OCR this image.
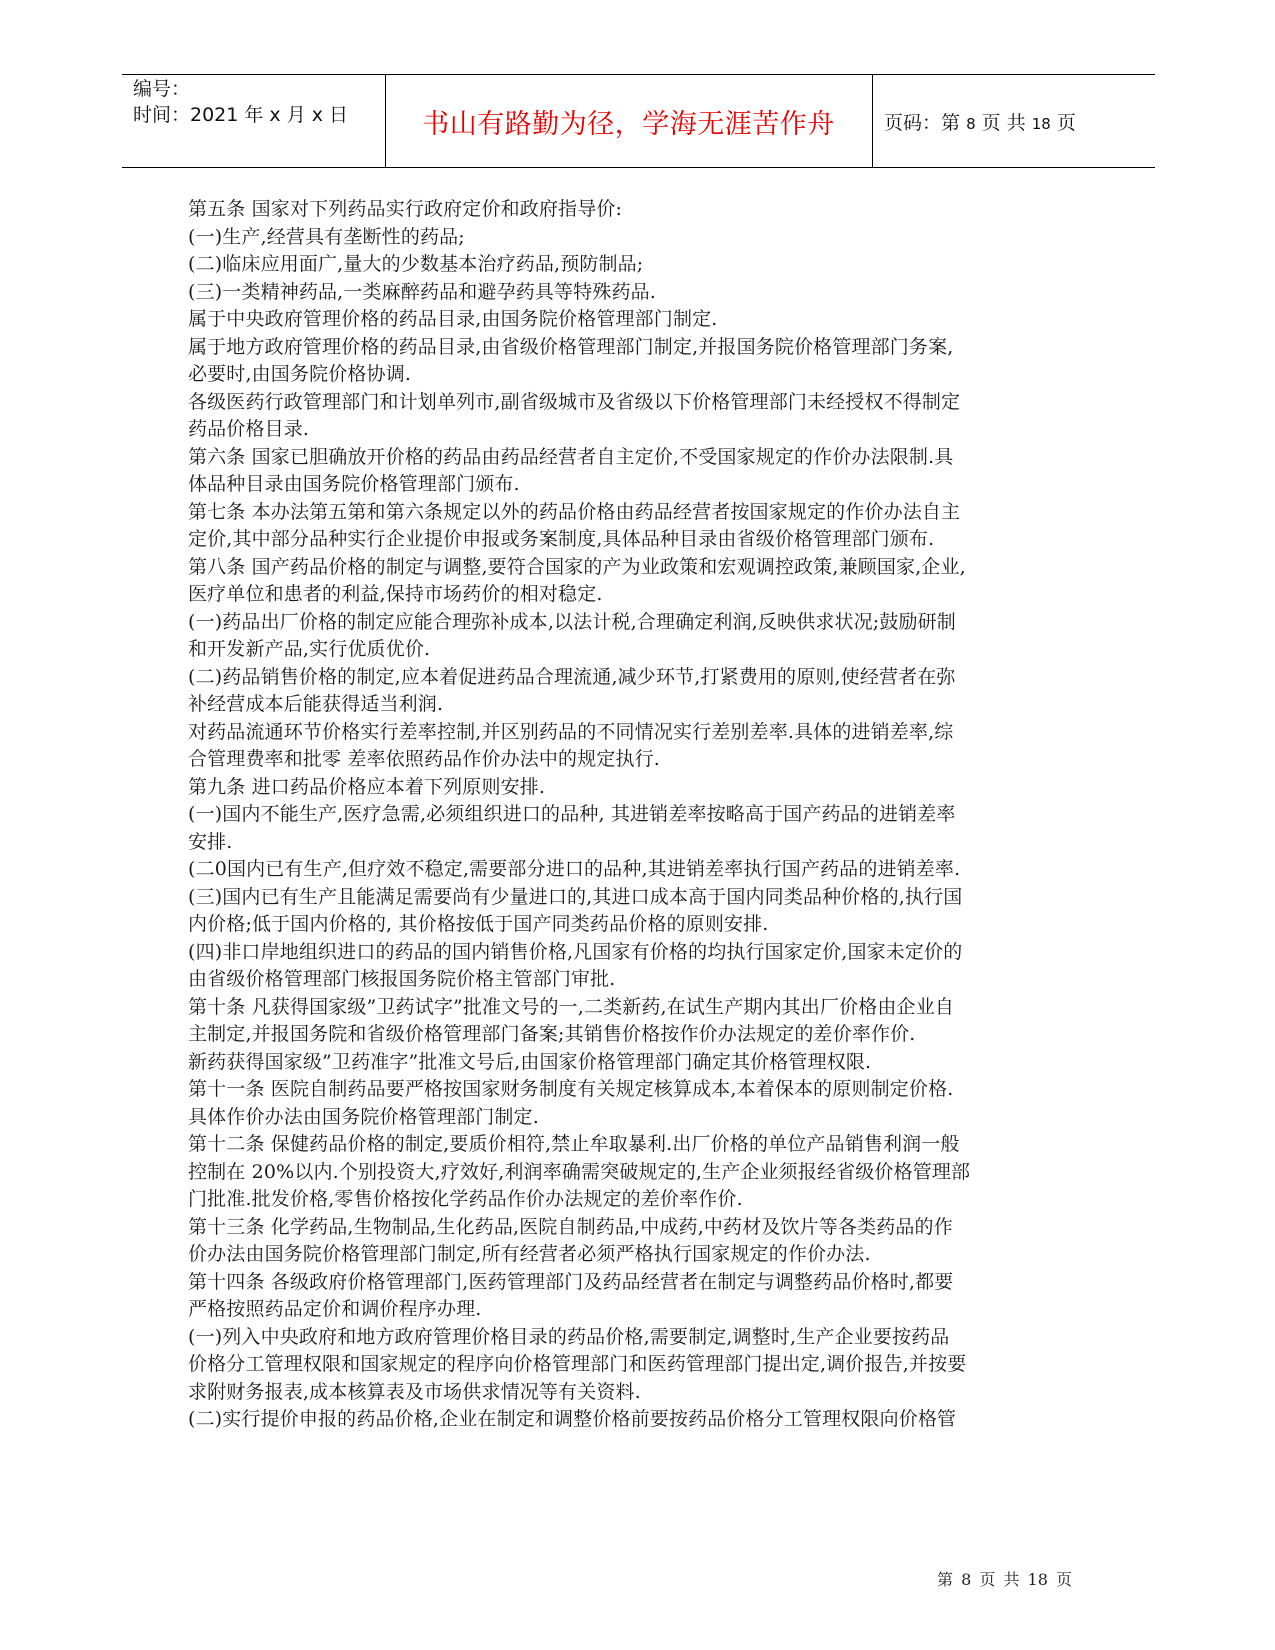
编号：
时间：2021 年 x 月 x 日	书山有路勤为径，学海无涯苦作舟	页码：第 8 页 共 18 页

第五条 国家对下列药品实行政府定价和政府指导价:

(一)生产,经营具有垄断性的药品;

(二)临床应用面广,量大的少数基本治疗药品,预防制品;

(三)一类精神药品,一类麻醉药品和避孕药具等特殊药品.

属于中央政府管理价格的药品目录,由国务院价格管理部门制定.

属于地方政府管理价格的药品目录,由省级价格管理部门制定,并报国务院价格管理部门务案,

必要时,由国务院价格协调.

各级医药行政管理部门和计划单列市,副省级城市及省级以下价格管理部门未经授权不得制定

药品价格目录.

第六条 国家已胆确放开价格的药品由药品经营者自主定价,不受国家规定的作价办法限制.具

体品种目录由国务院价格管理部门颁布.

第七条 本办法第五第和第六条规定以外的药品价格由药品经营者按国家规定的作价办法自主

定价,其中部分品种实行企业提价申报或务案制度,具体品种目录由省级价格管理部门颁布.

第八条 国产药品价格的制定与调整,要符合国家的产为业政策和宏观调控政策,兼顾国家,企业,

医疗单位和患者的利益,保持市场药价的相对稳定.

(一)药品出厂价格的制定应能合理弥补成本,以法计税,合理确定利润,反映供求状况;鼓励研制

和开发新产品,实行优质优价.

(二)药品销售价格的制定,应本着促进药品合理流通,减少环节,打紧费用的原则,使经营者在弥

补经营成本后能获得适当利润.

对药品流通环节价格实行差率控制,并区别药品的不同情况实行差别差率.具体的进销差率,综

合管理费率和批零 差率依照药品作价办法中的规定执行.

第九条 进口药品价格应本着下列原则安排.

(一)国内不能生产,医疗急需,必须组织进口的品种, 其进销差率按略高于国产药品的进销差率

安排.

(二0国内已有生产,但疗效不稳定,需要部分进口的品种,其进销差率执行国产药品的进销差率.

(三)国内已有生产且能满足需要尚有少量进口的,其进口成本高于国内同类品种价格的,执行国

内价格;低于国内价格的, 其价格按低于国产同类药品价格的原则安排.

(四)非口岸地组织进口的药品的国内销售价格,凡国家有价格的均执行国家定价,国家未定价的

由省级价格管理部门核报国务院价格主管部门审批.

第十条 凡获得国家级”卫药试字”批准文号的一,二类新药,在试生产期内其出厂价格由企业自

主制定,并报国务院和省级价格管理部门备案;其销售价格按作价办法规定的差价率作价.

新药获得国家级”卫药准字”批准文号后,由国家价格管理部门确定其价格管理权限.

第十一条 医院自制药品要严格按国家财务制度有关规定核算成本,本着保本的原则制定价格.

具体作价办法由国务院价格管理部门制定.

第十二条 保健药品价格的制定,要质价相符,禁止牟取暴利.出厂价格的单位产品销售利润一般

控制在 20%以内.个别投资大,疗效好,利润率确需突破规定的,生产企业须报经省级价格管理部

门批准.批发价格,零售价格按化学药品作价办法规定的差价率作价.

第十三条 化学药品,生物制品,生化药品,医院自制药品,中成药,中药材及饮片等各类药品的作

价办法由国务院价格管理部门制定,所有经营者必须严格执行国家规定的作价办法.

第十四条 各级政府价格管理部门,医药管理部门及药品经营者在制定与调整药品价格时,都要

严格按照药品定价和调价程序办理.

(一)列入中央政府和地方政府管理价格目录的药品价格,需要制定,调整时,生产企业要按药品

价格分工管理权限和国家规定的程序向价格管理部门和医药管理部门提出定,调价报告,并按要

求附财务报表,成本核算表及市场供求情况等有关资料.

(二)实行提价申报的药品价格,企业在制定和调整价格前要按药品价格分工管理权限向价格管

第 8 页 共 18 页
